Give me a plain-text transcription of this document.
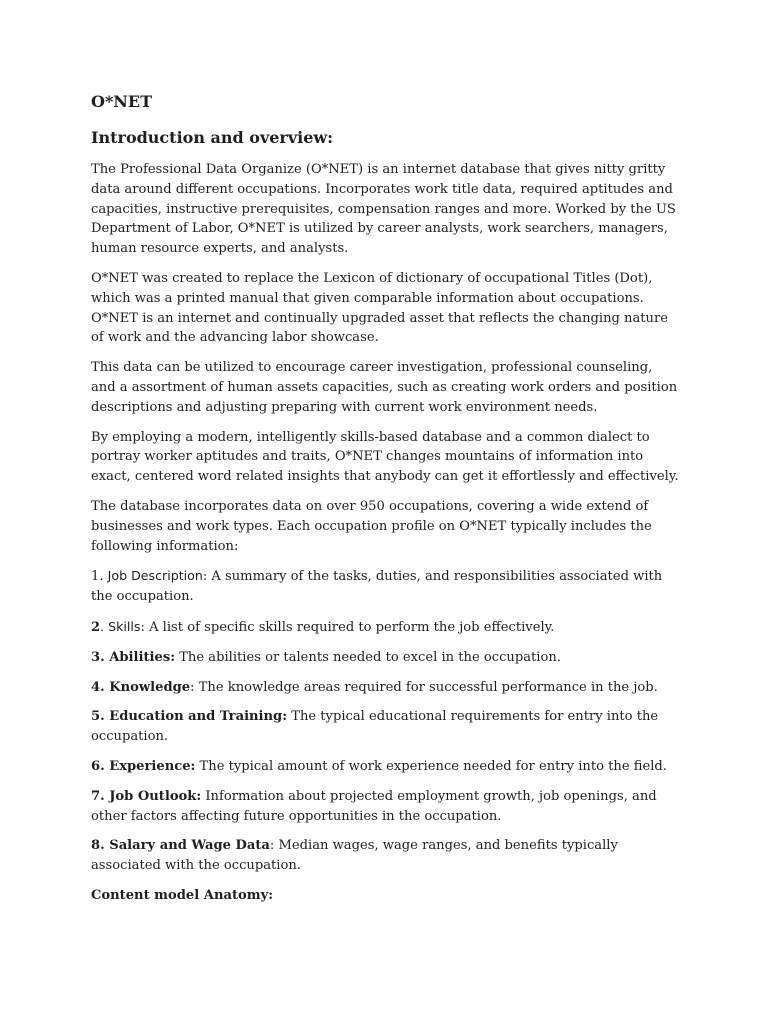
O*NET
Introduction and overview:

The Professional Data Organize (O*NET) is an internet database that gives nitty gritty data around different occupations. Incorporates work title data, required aptitudes and capacities, instructive prerequisites, compensation ranges and more. Worked by the US Department of Labor, O*NET is utilized by career analysts, work searchers, managers, human resource experts, and analysts.

O*NET was created to replace the Lexicon of dictionary of occupational Titles (Dot), which was a printed manual that given comparable information about occupations. O*NET is an internet and continually upgraded asset that reflects the changing nature of work and the advancing labor showcase.

This data can be utilized to encourage career investigation, professional counseling, and a assortment of human assets capacities, such as creating work orders and position descriptions and adjusting preparing with current work environment needs.

By employing a modern, intelligently skills-based database and a common dialect to portray worker aptitudes and traits, O*NET changes mountains of information into exact, centered word related insights that anybody can get it effortlessly and effectively.

The database incorporates data on over 950 occupations, covering a wide extend of businesses and work types. Each occupation profile on O*NET typically includes the following information:

1. Job Description: A summary of the tasks, duties, and responsibilities associated with the occupation.

2. Skills: A list of specific skills required to perform the job effectively.

3. Abilities: The abilities or talents needed to excel in the occupation.

4. Knowledge: The knowledge areas required for successful performance in the job.

5. Education and Training: The typical educational requirements for entry into the occupation.

6. Experience: The typical amount of work experience needed for entry into the field.

7. Job Outlook: Information about projected employment growth, job openings, and other factors affecting future opportunities in the occupation.

8. Salary and Wage Data: Median wages, wage ranges, and benefits typically associated with the occupation.

Content model Anatomy:
